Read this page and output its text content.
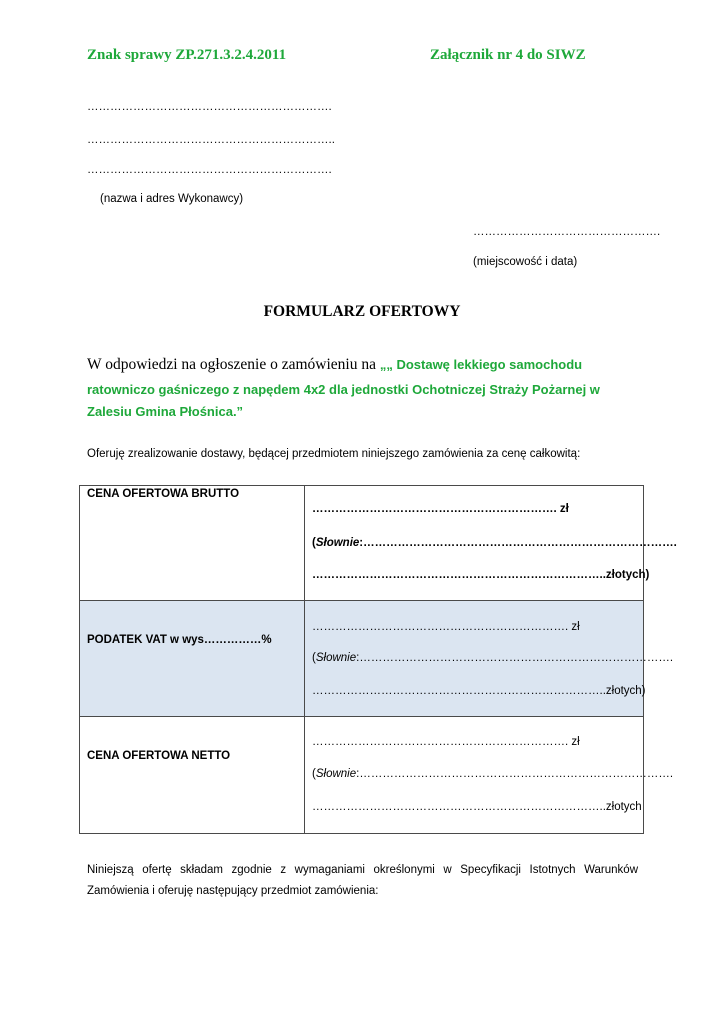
Znak sprawy ZP.271.3.2.4.2011	Załącznik nr 4 do SIWZ
……………………………………………………….
………………………………………………………..
……………………………………………………….
(nazwa i adres Wykonawcy)
………………………………………….
(miejscowość i data)
FORMULARZ OFERTOWY
W odpowiedzi na ogłoszenie o zamówieniu na „„ Dostawę lekkiego samochodu
ratowniczo gaśniczego z napędem 4x2 dla jednostki Ochotniczej Straży Pożarnej w
Zalesiu Gmina Płośnica.”
Oferuję zrealizowanie dostawy, będącej przedmiotem niniejszego zamówienia za cenę całkowitą:
CENA OFERTOWA BRUTTO	………………………………………………………. zł
(Słownie:……………………………………………………………………….
…………………………………………………………………..złotych)

PODATEK VAT w wys……………%	…………………………………………………………. zł
(Słownie:……………………………………………………………………….
…………………………………………………………………..złotych)

CENA OFERTOWA NETTO	…………………………………………………………. zł
(Słownie:……………………………………………………………………….
…………………………………………………………………..złotych
Niniejszą ofertę składam zgodnie z wymaganiami określonymi w Specyfikacji Istotnych Warunków Zamówienia i oferuję następujący przedmiot zamówienia:
